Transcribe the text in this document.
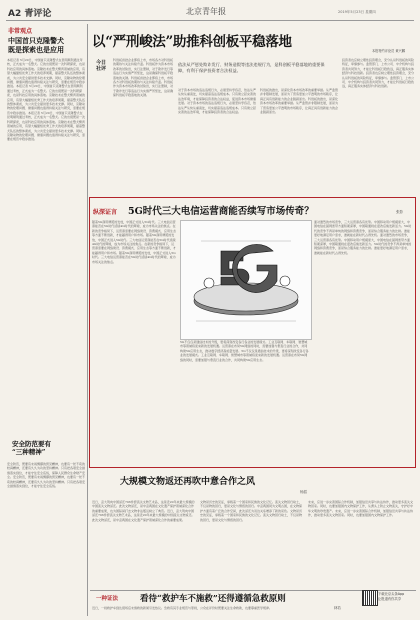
A2 青评论	北京青年报	2019年5月23日 星期四
非常观点
中国首只克隆警犬
既是探索也是应用
本报记者 5月20日，中国首只克隆警犬在昆明顺利通过考核，正式成为一名警犬。它的出现既是一次科研探索，也是科技应用的具体落地。克隆技术在警犬繁育领域的应用，有望大幅缩短优秀工作犬的培养周期，提高警犬队伍的整体素质，为公共安全提供更多技术支撑。同时，克隆动物的伦理问题、健康问题也值得持续关注与研究，需要在规范中稳步推进。本报记者 5月20日，中国首只克隆警犬在昆明顺利通过考核，正式成为一名警犬。它的出现既是一次科研探索，也是科技应用的具体落地。克隆技术在警犬繁育领域的应用，有望大幅缩短优秀工作犬的培养周期，提高警犬队伍的整体素质，为公共安全提供更多技术支撑。同时，克隆动物的伦理问题、健康问题也值得持续关注与研究，需要在规范中稳步推进。本报记者 5月20日，中国首只克隆警犬在昆明顺利通过考核，正式成为一名警犬。它的出现既是一次科研探索，也是科技应用的具体落地。克隆技术在警犬繁育领域的应用，有望大幅缩短优秀工作犬的培养周期，提高警犬队伍的整体素质，为公共安全提供更多技术支撑。同时，克隆动物的伦理问题、健康问题也值得持续关注与研究，需要在规范中稳步推进。
安全防范要有
“三种精神”
安全防范，既要有未雨绸缪的预见精神，也要有一丝不苟的较真精神，还要有久久为功的坚持精神。只有把各项安全措施落实到位，才能守住安全底线，保障人民群众生命财产安全。安全防范，既要有未雨绸缪的预见精神，也要有一丝不苟的较真精神，还要有久久为功的坚持精神。只有把各项安全措施落实到位，才能守住安全底线。
以“严刑峻法”助推科创板平稳落地
本报特约评论员 黄兴麟
今日社评
科创板首批企业即将上市，市场各方对科创板的期待与关注持续升温。科创板作为资本市场改革的试验田，实行注册制，对于欺诈发行等违法行为实施严厉惩处，这是确保科创板平稳落地的关键。科创板首批企业即将上市，市场各方对科创板的期待与关注持续升温。科创板作为资本市场改革的试验田，实行注册制，对于欺诈发行等违法行为实施严厉惩处，这是确保科创板平稳落地的关键。
依法从严惩处欺诈发行、财务造假等违法违规行为，是科创板平稳落地的重要保障，有利于保护投资者合法权益。
对于资本市场的违法违规行为，必须坚持零容忍，依法从严从快从重查处，切实提高违法违规成本。只有建立起完善的法治环境，才能保障投资者的合法权益，促进资本市场健康发展。对于资本市场的违法违规行为，必须坚持零容忍，依法从严从快从重查处，切实提高违法违规成本。只有建立起完善的法治环境，才能保障投资者的合法权益。
科创板的推出，是深化资本市场改革的重要举措。从严监管并非限制发展，而是为了营造更加公平透明的市场秩序，让真正具有创新能力的企业脱颖而出。科创板的推出，是深化资本市场改革的重要举措。从严监管并非限制发展，而是为了营造更加公平透明的市场秩序，让真正具有创新能力的企业脱颖而出。
投资者也应树立理性投资理念，充分认识科创板的风险特征，审慎参与。监管部门、上市公司、中介机构与投资者共同努力，才能让科创板行稳致远，真正服务实体经济与科技创新。投资者也应树立理性投资理念，充分认识科创板的风险特征，审慎参与。监管部门、上市公司、中介机构与投资者共同努力，才能让科创板行稳致远，真正服务实体经济与科技创新。
纵深证言 5G时代三大电信运营商能否续写市场传奇？	张影
随着5G商用牌照的发放，中国正式进入5G时代。三大电信运营商能否在5G时代延续4G时代的辉煌，成为市场关注的焦点。在新的竞争格局下，运营商需要在网络建设、资费模式、应用生态等方面不断创新，才能赢得用户和市场。随着5G商用牌照的发放，中国正式进入5G时代。三大电信运营商能否在5G时代延续4G时代的辉煌，成为市场关注的焦点。在新的竞争格局下，运营商需要在网络建设、资费模式、应用生态等方面不断创新，才能赢得用户和市场。随着5G商用牌照的发放，中国正式进入5G时代。三大电信运营商能否在5G时代延续4G时代的辉煌，成为市场关注的焦点。
5G不仅仅是通信技术的升级，更将深刻改变各行各业的发展模式。工业互联网、车联网、智慧城市等领域将迎来新的发展机遇。运营商在布局5G网络的同时，需要加强与垂直行业的合作，共同构建5G应用生态，推动数字经济高质量发展。5G不仅仅是通信技术的升级，更将深刻改变各行各业的发展模式。工业互联网、车联网、智慧城市等领域将迎来新的发展机遇。运营商在布局5G网络的同时，需要加强与垂直行业的合作，共同构建5G应用生态。
面对激烈的市场竞争，三大运营商各有优势。中国移动用户规模庞大，中国电信在固网宽带方面积累深厚，中国联通则在混改后焕发新活力。5G时代的竞争不再是单纯的网络和资费竞争，而是综合服务能力的比拼。谁能更好地满足用户需求，谁就能在新时代占得先机。面对激烈的市场竞争，三大运营商各有优势。中国移动用户规模庞大，中国电信在固网宽带方面积累深厚，中国联通则在混改后焕发新活力。5G时代的竞争不再是单纯的网络和资费竞争，而是综合服务能力的比拼。谁能更好地满足用户需求，谁就能在新时代占得先机。
大规模文物返还再吹中意合作之风
杨韶
近日，意大利向中国返还796件套流失文物艺术品，这是近20年来最大规模的中国流失文物返还。此次文物返还，是中意两国在文化遗产保护领域深化合作的重要成果，也为国际间打击文物非法贩运树立了典范。近日，意大利向中国返还796件套流失文物艺术品，这是近20年来最大规模的中国流失文物返还。此次文物返还，是中意两国在文化遗产保护领域深化合作的重要成果。
文物是历史的见证，承载着一个国家和民族的文化记忆。流失文物回归故土，不仅是物的回归，更是文化与情感的回归。中意两国同为文明古国，在文物保护方面有着广泛的合作空间，此次返还为双边关系增添了新的亮色。文物是历史的见证，承载着一个国家和民族的文化记忆。流失文物回归故土，不仅是物的回归，更是文化与情感的回归。
未来，应进一步完善国际合作机制，加强信息共享与执法协作，推动更多流失文物回家。同时，也要加强国内文物保护工作，从源头上防止文物流失，守护好中华文明的珍贵遗产。未来，应进一步完善国际合作机制，加强信息共享与执法协作，推动更多流失文物回家。同时，也要加强国内文物保护工作。
一种证法	看待“救护车不施救”还得遵循急救原则
林若
近日，一则救护车到达现场后未施救的新闻引发热议。急救有其专业规范与原则，公众在评价时既要关注生命救助，也要尊重医学规律。
下载北京头条App
让报道有你共享
